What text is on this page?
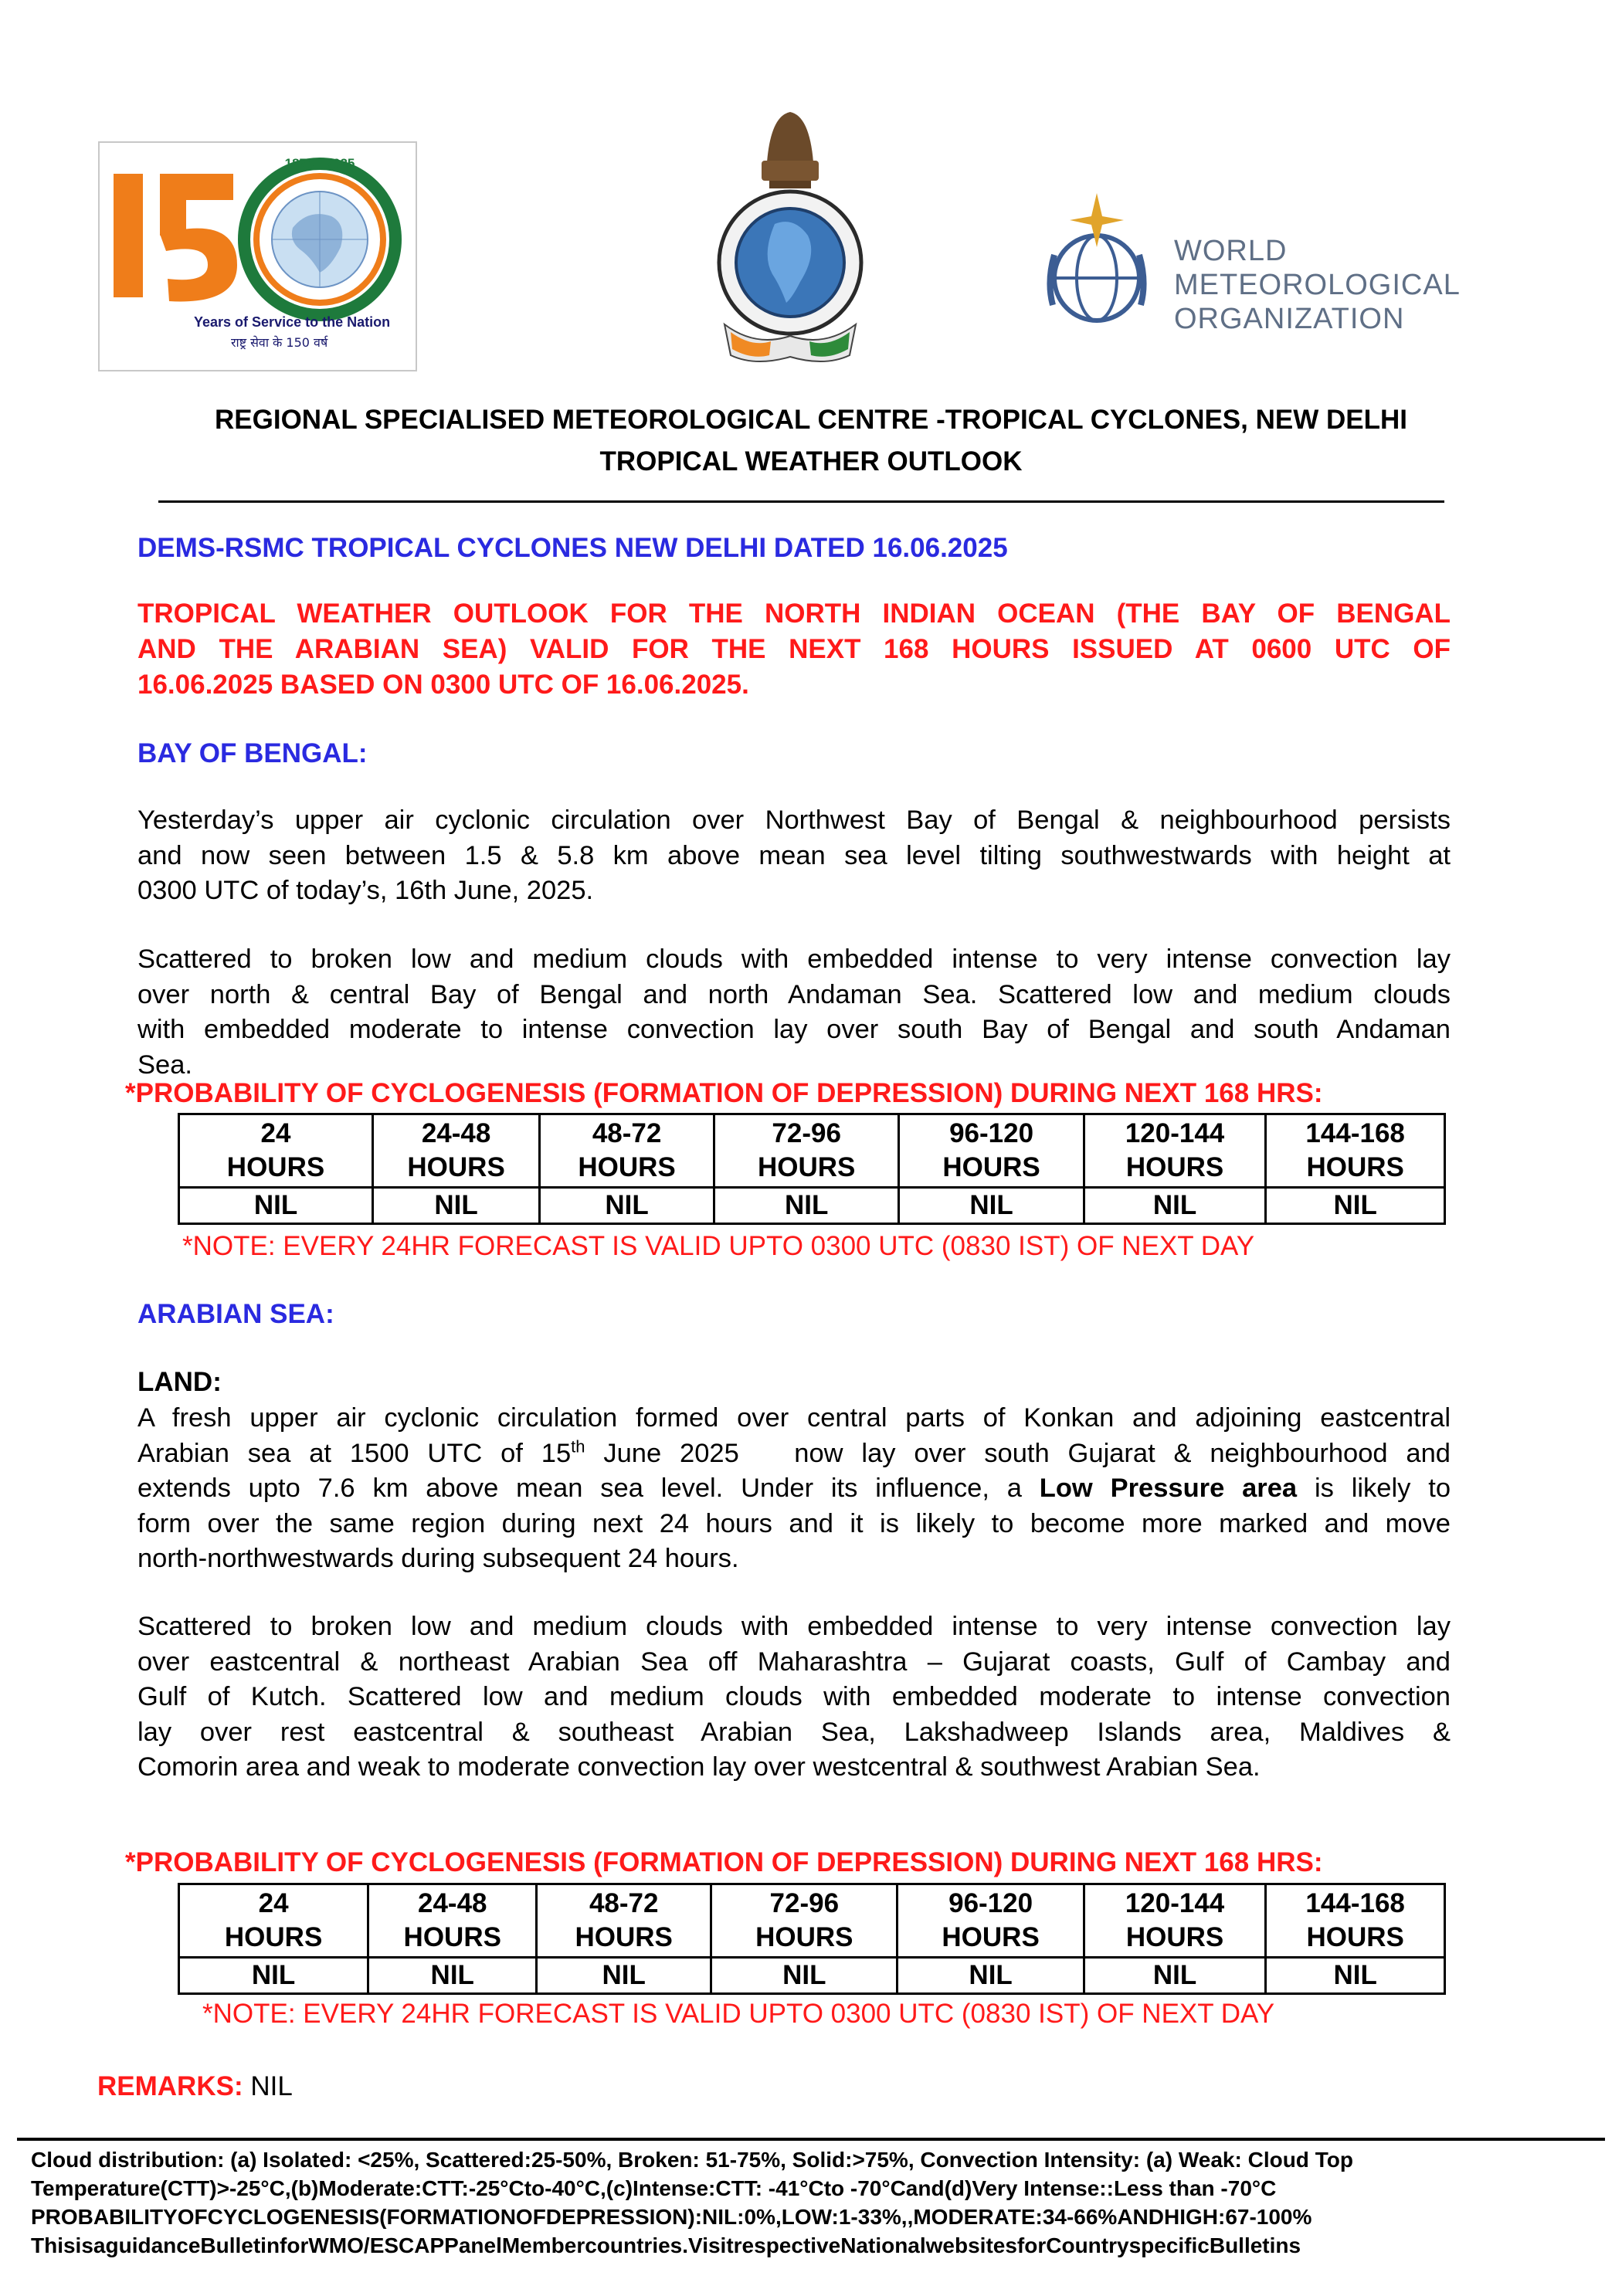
1875 · 2025
Years of Service to the Nation
राष्ट्र सेवा के 150 वर्ष
WORLD
METEOROLOGICAL
ORGANIZATION
REGIONAL SPECIALISED METEOROLOGICAL CENTRE -TROPICAL CYCLONES, NEW DELHI
TROPICAL WEATHER OUTLOOK
DEMS-RSMC TROPICAL CYCLONES NEW DELHI DATED 16.06.2025
TROPICAL WEATHER OUTLOOK FOR THE NORTH INDIAN OCEAN (THE BAY OF BENGAL
AND THE ARABIAN SEA) VALID FOR THE NEXT 168 HOURS ISSUED AT 0600 UTC OF
16.06.2025 BASED ON 0300 UTC OF 16.06.2025.
BAY OF BENGAL:
Yesterday’s upper air cyclonic circulation over Northwest Bay of Bengal & neighbourhood persists
and now seen between 1.5 & 5.8 km above mean sea level tilting southwestwards with height at
0300 UTC of today’s, 16th June, 2025.
Scattered to broken low and medium clouds with embedded intense to very intense convection lay
over north & central Bay of Bengal and north Andaman Sea. Scattered low and medium clouds
with embedded moderate to intense convection lay over south Bay of Bengal and south Andaman
Sea.
*PROBABILITY OF CYCLOGENESIS (FORMATION OF DEPRESSION) DURING NEXT 168 HRS:
24
HOURS	24-48
HOURS	48-72
HOURS	72-96
HOURS	96-120
HOURS	120-144
HOURS	144-168
HOURS
NIL	NIL	NIL	NIL	NIL	NIL	NIL
*NOTE: EVERY 24HR FORECAST IS VALID UPTO 0300 UTC (0830 IST) OF NEXT DAY
ARABIAN SEA:
LAND:
A fresh upper air cyclonic circulation formed over central parts of Konkan and adjoining eastcentral
Arabian sea at 1500 UTC of 15th June 2025   now lay over south Gujarat & neighbourhood and
extends upto 7.6 km above mean sea level. Under its influence, a Low Pressure area is likely to
form over the same region during next 24 hours and it is likely to become more marked and move
north-northwestwards during subsequent 24 hours.
Scattered to broken low and medium clouds with embedded intense to very intense convection lay
over eastcentral & northeast Arabian Sea off Maharashtra – Gujarat coasts, Gulf of Cambay and
Gulf of Kutch. Scattered low and medium clouds with embedded moderate to intense convection
lay over rest eastcentral & southeast Arabian Sea, Lakshadweep Islands area, Maldives &
Comorin area and weak to moderate convection lay over westcentral & southwest Arabian Sea.
*PROBABILITY OF CYCLOGENESIS (FORMATION OF DEPRESSION) DURING NEXT 168 HRS:
24
HOURS	24-48
HOURS	48-72
HOURS	72-96
HOURS	96-120
HOURS	120-144
HOURS	144-168
HOURS
NIL	NIL	NIL	NIL	NIL	NIL	NIL
*NOTE: EVERY 24HR FORECAST IS VALID UPTO 0300 UTC (0830 IST) OF NEXT DAY
REMARKS: NIL
Cloud distribution: (a) Isolated: <25%, Scattered:25-50%, Broken: 51-75%, Solid:>75%, Convection Intensity: (a) Weak: Cloud Top
Temperature(CTT)>-25°C,(b)Moderate:CTT:-25°Cto-40°C,(c)Intense:CTT: -41°Cto -70°Cand(d)Very Intense::Less than -70°C
PROBABILITYOFCYCLOGENESIS(FORMATIONOFDEPRESSION):NIL:0%,LOW:1-33%,,MODERATE:34-66%ANDHIGH:67-100%
ThisisaguidanceBulletinforWMO/ESCAPPanelMembercountries.VisitrespectiveNationalwebsitesforCountryspecificBulletins
